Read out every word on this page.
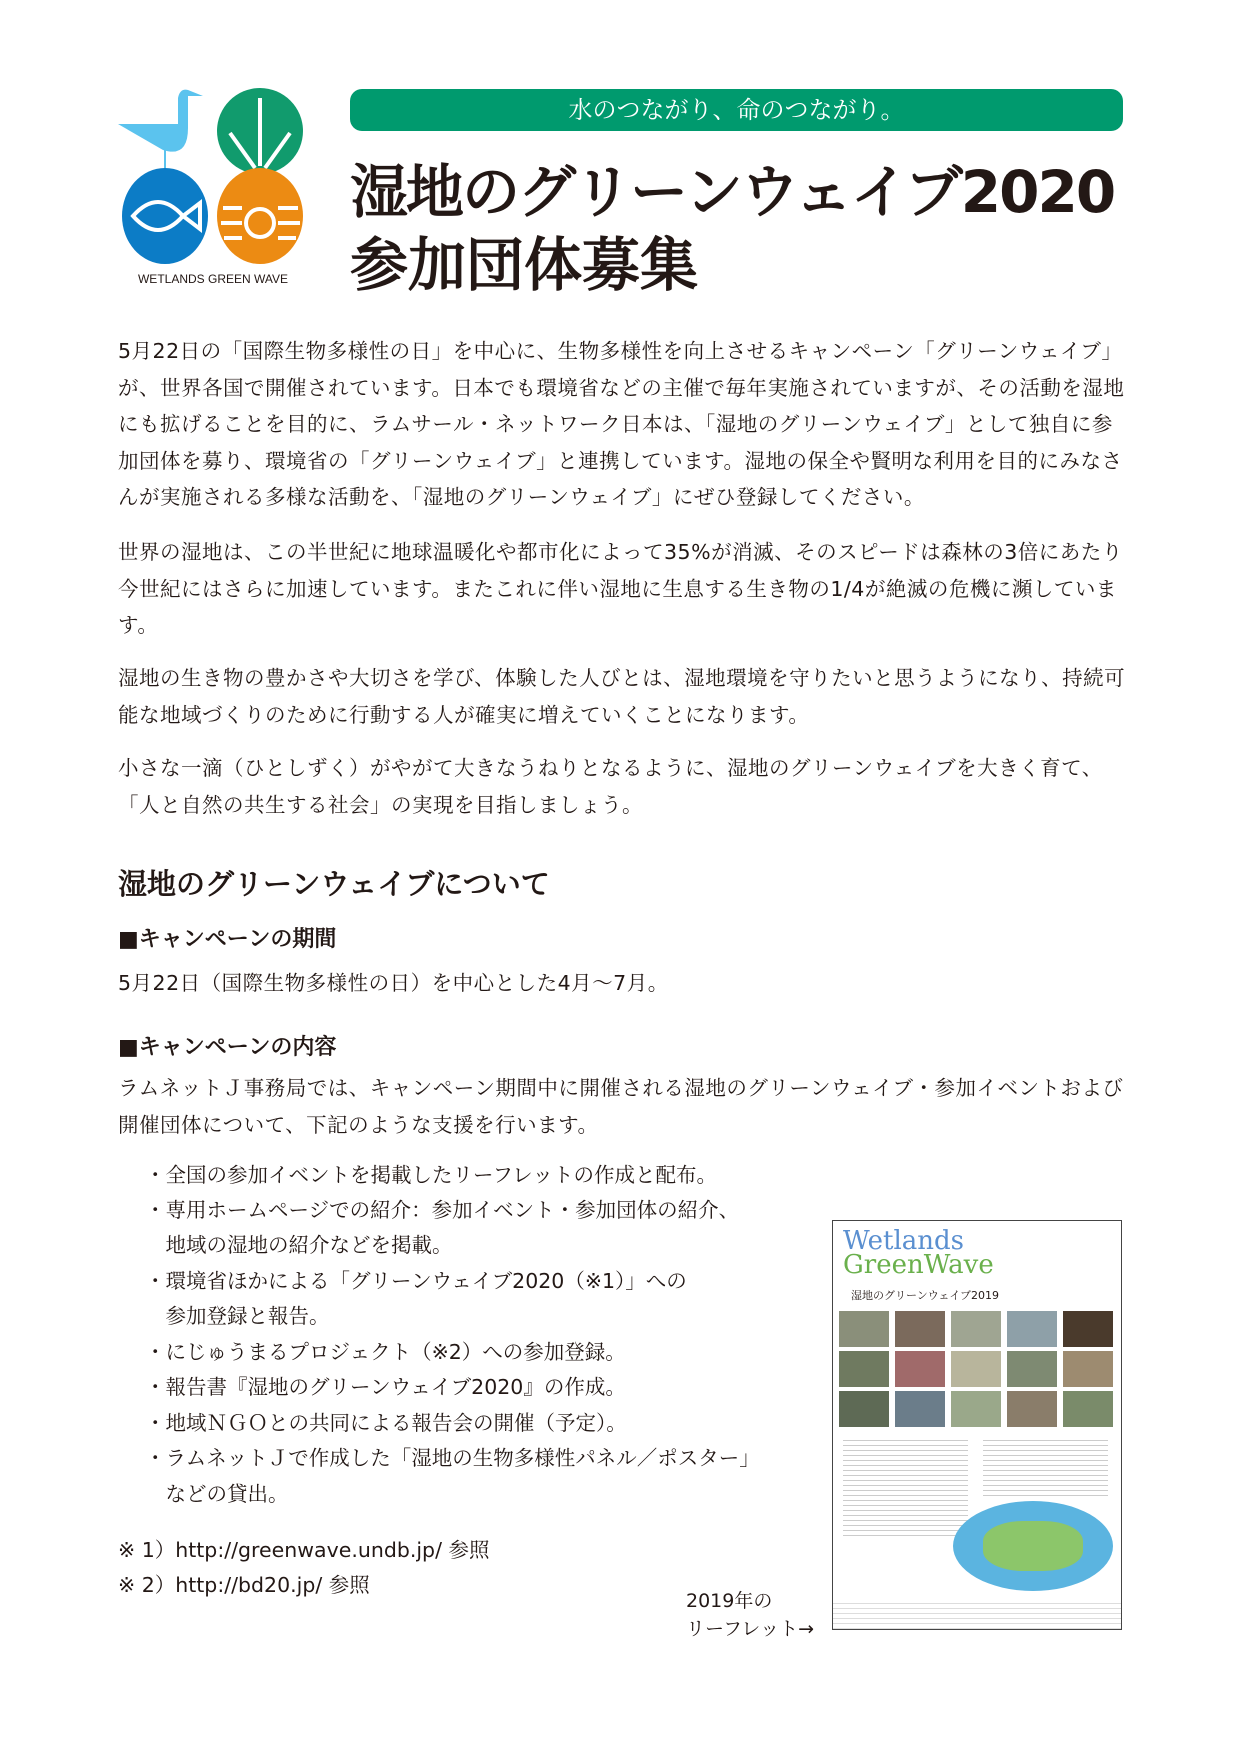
WETLANDS GREEN WAVE
水のつながり、命のつながり。
湿地のグリーンウェイブ2020
参加団体募集

5月22日の「国際生物多様性の日」を中心に、生物多様性を向上させるキャンペーン「グリーンウェイブ」が、世界各国で開催されています。日本でも環境省などの主催で毎年実施されていますが、その活動を湿地にも拡げることを目的に、ラムサール・ネットワーク日本は、「湿地のグリーンウェイブ」として独自に参加団体を募り、環境省の「グリーンウェイブ」と連携しています。湿地の保全や賢明な利用を目的にみなさんが実施される多様な活動を、「湿地のグリーンウェイブ」にぜひ登録してください。

世界の湿地は、この半世紀に地球温暖化や都市化によって35%が消滅、そのスピードは森林の3倍にあたり今世紀にはさらに加速しています。またこれに伴い湿地に生息する生き物の1/4が絶滅の危機に瀕しています。

湿地の生き物の豊かさや大切さを学び、体験した人びとは、湿地環境を守りたいと思うようになり、持続可能な地域づくりのために行動する人が確実に増えていくことになります。

小さな一滴（ひとしずく）がやがて大きなうねりとなるように、湿地のグリーンウェイブを大きく育て、「人と自然の共生する社会」の実現を目指しましょう。

湿地のグリーンウェイブについて
■キャンペーンの期間

5月22日（国際生物多様性の日）を中心とした4月～7月。

■キャンペーンの内容

ラムネットＪ事務局では、キャンペーン期間中に開催される湿地のグリーンウェイブ・参加イベントおよび開催団体について、下記のような支援を行います。

・全国の参加イベントを掲載したリーフレットの作成と配布。
・専用ホームページでの紹介：参加イベント・参加団体の紹介、
　地域の湿地の紹介などを掲載。
・環境省ほかによる「グリーンウェイブ2020（※1）」への
　参加登録と報告。
・にじゅうまるプロジェクト（※2）への参加登録。
・報告書『湿地のグリーンウェイブ2020』の作成。
・地域ＮＧＯとの共同による報告会の開催（予定）。
・ラムネットＪで作成した「湿地の生物多様性パネル／ポスター」
　などの貸出。
※ 1）http://greenwave.undb.jp/ 参照
※ 2）http://bd20.jp/ 参照
2019年の
リーフレット→
Wetlands
GreenWave
湿地のグリーンウェイブ2019
